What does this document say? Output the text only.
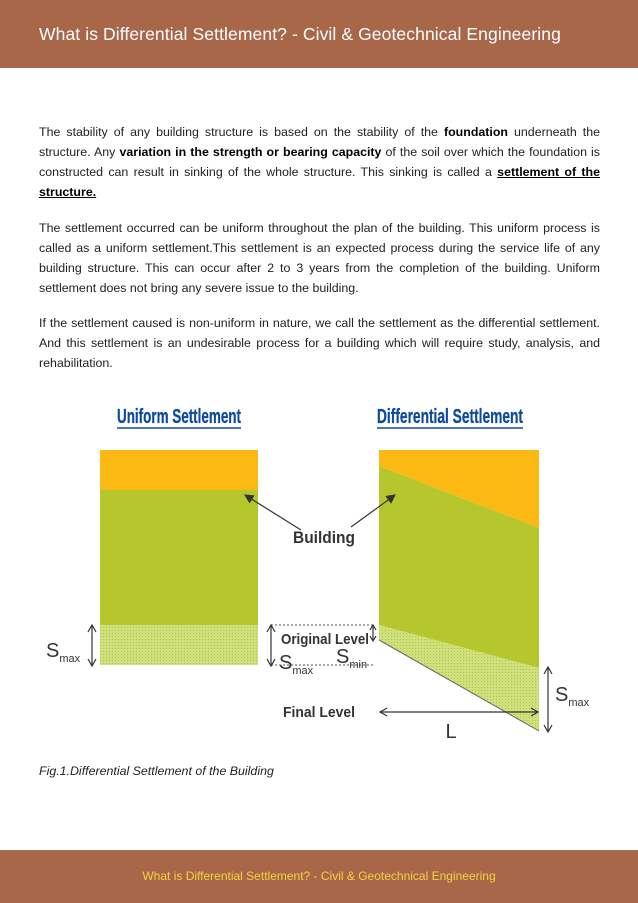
What is Differential Settlement? - Civil & Geotechnical Engineering

The stability of any building structure is based on the stability of the foundation underneath the structure. Any variation in the strength or bearing capacity of the soil over which the foundation is constructed can result in sinking of the whole structure. This sinking is called a settlement of the structure.

The settlement occurred can be uniform throughout the plan of the building. This uniform process is called as a uniform settlement.This settlement is an expected process during the service life of any building structure. This can occur after 2 to 3 years from the completion of the building. Uniform settlement does not bring any severe issue to the building.

If the settlement caused is non-uniform in nature, we call the settlement as the differential settlement. And this settlement is an undesirable process for a building which will require study, analysis, and rehabilitation.

Uniform Settlement	Differential Settlement
Building
Original Level
Final Level
$S_{max}$	$S_{max}$
$S_{min}$
$S_{max}$
L
Fig.1.Differential Settlement of the Building
What is Differential Settlement? - Civil & Geotechnical Engineering
